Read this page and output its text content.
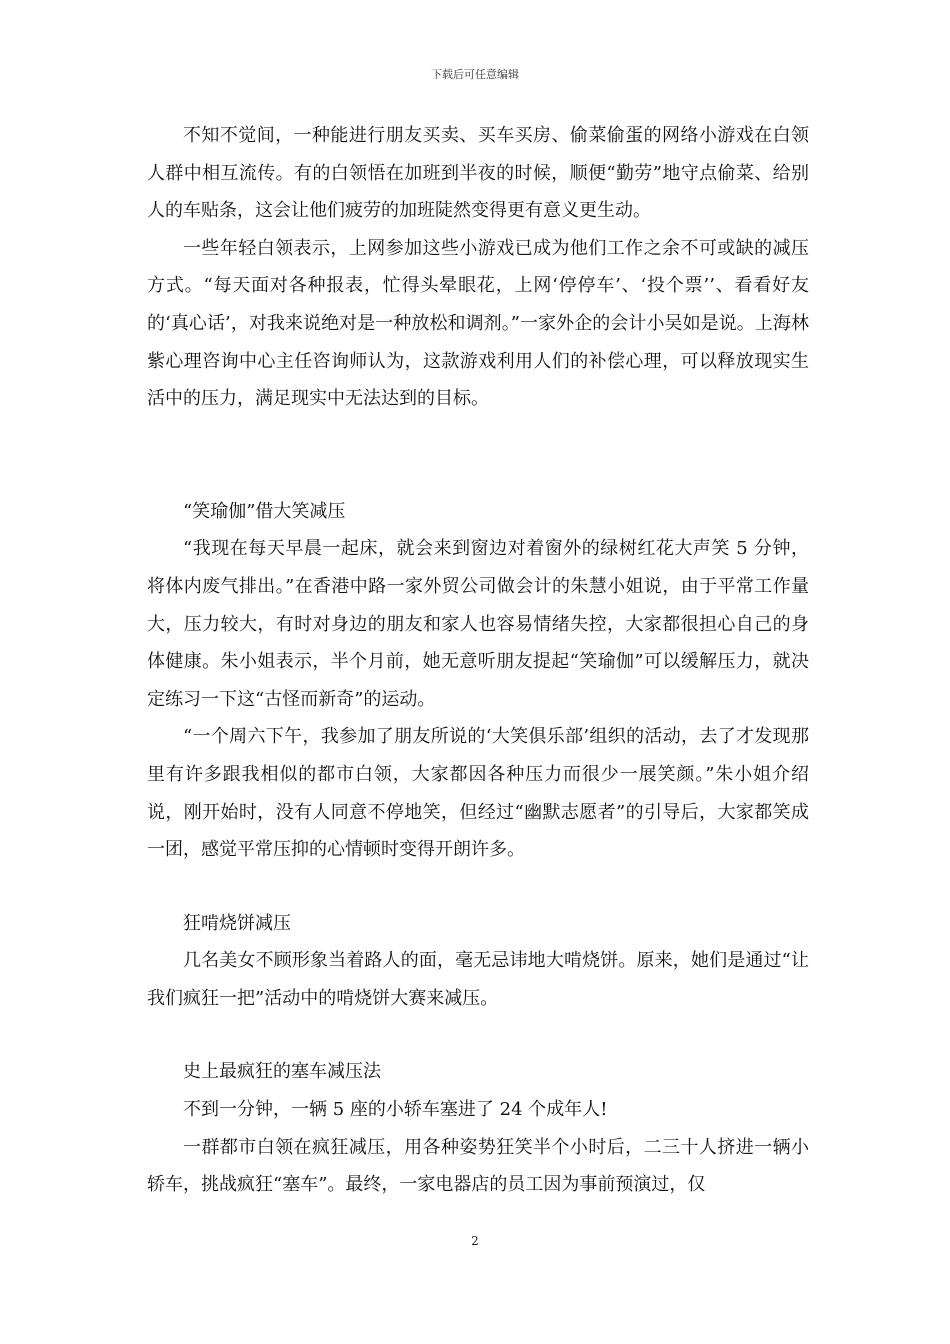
下载后可任意编辑

不知不觉间，一种能进行朋友买卖、买车买房、偷菜偷蛋的网络小游戏在白领人群中相互流传。有的白领悟在加班到半夜的时候，顺便“勤劳”地守点偷菜、给别人的车贴条，这会让他们疲劳的加班陡然变得更有意义更生动。

一些年轻白领表示，上网参加这些小游戏已成为他们工作之余不可或缺的减压方式。“每天面对各种报表，忙得头晕眼花，上网‘停停车’、‘投个票’’、看看好友的‘真心话’，对我来说绝对是一种放松和调剂。”一家外企的会计小吴如是说。上海林紫心理咨询中心主任咨询师认为，这款游戏利用人们的补偿心理，可以释放现实生活中的压力，满足现实中无法达到的目标。

“笑瑜伽”借大笑减压

“我现在每天早晨一起床，就会来到窗边对着窗外的绿树红花大声笑 5 分钟，将体内废气排出。”在香港中路一家外贸公司做会计的朱慧小姐说，由于平常工作量大，压力较大，有时对身边的朋友和家人也容易情绪失控，大家都很担心自己的身体健康。朱小姐表示，半个月前，她无意听朋友提起“笑瑜伽”可以缓解压力，就决定练习一下这“古怪而新奇”的运动。

“一个周六下午，我参加了朋友所说的‘大笑俱乐部’组织的活动，去了才发现那里有许多跟我相似的都市白领，大家都因各种压力而很少一展笑颜。”朱小姐介绍说，刚开始时，没有人同意不停地笑，但经过“幽默志愿者”的引导后，大家都笑成一团，感觉平常压抑的心情顿时变得开朗许多。

狂啃烧饼减压

几名美女不顾形象当着路人的面，毫无忌讳地大啃烧饼。原来，她们是通过“让我们疯狂一把”活动中的啃烧饼大赛来减压。

史上最疯狂的塞车减压法

不到一分钟，一辆 5 座的小轿车塞进了 24 个成年人!

一群都市白领在疯狂减压，用各种姿势狂笑半个小时后，二三十人挤进一辆小轿车，挑战疯狂“塞车”。最终，一家电器店的员工因为事前预演过，仅

2
